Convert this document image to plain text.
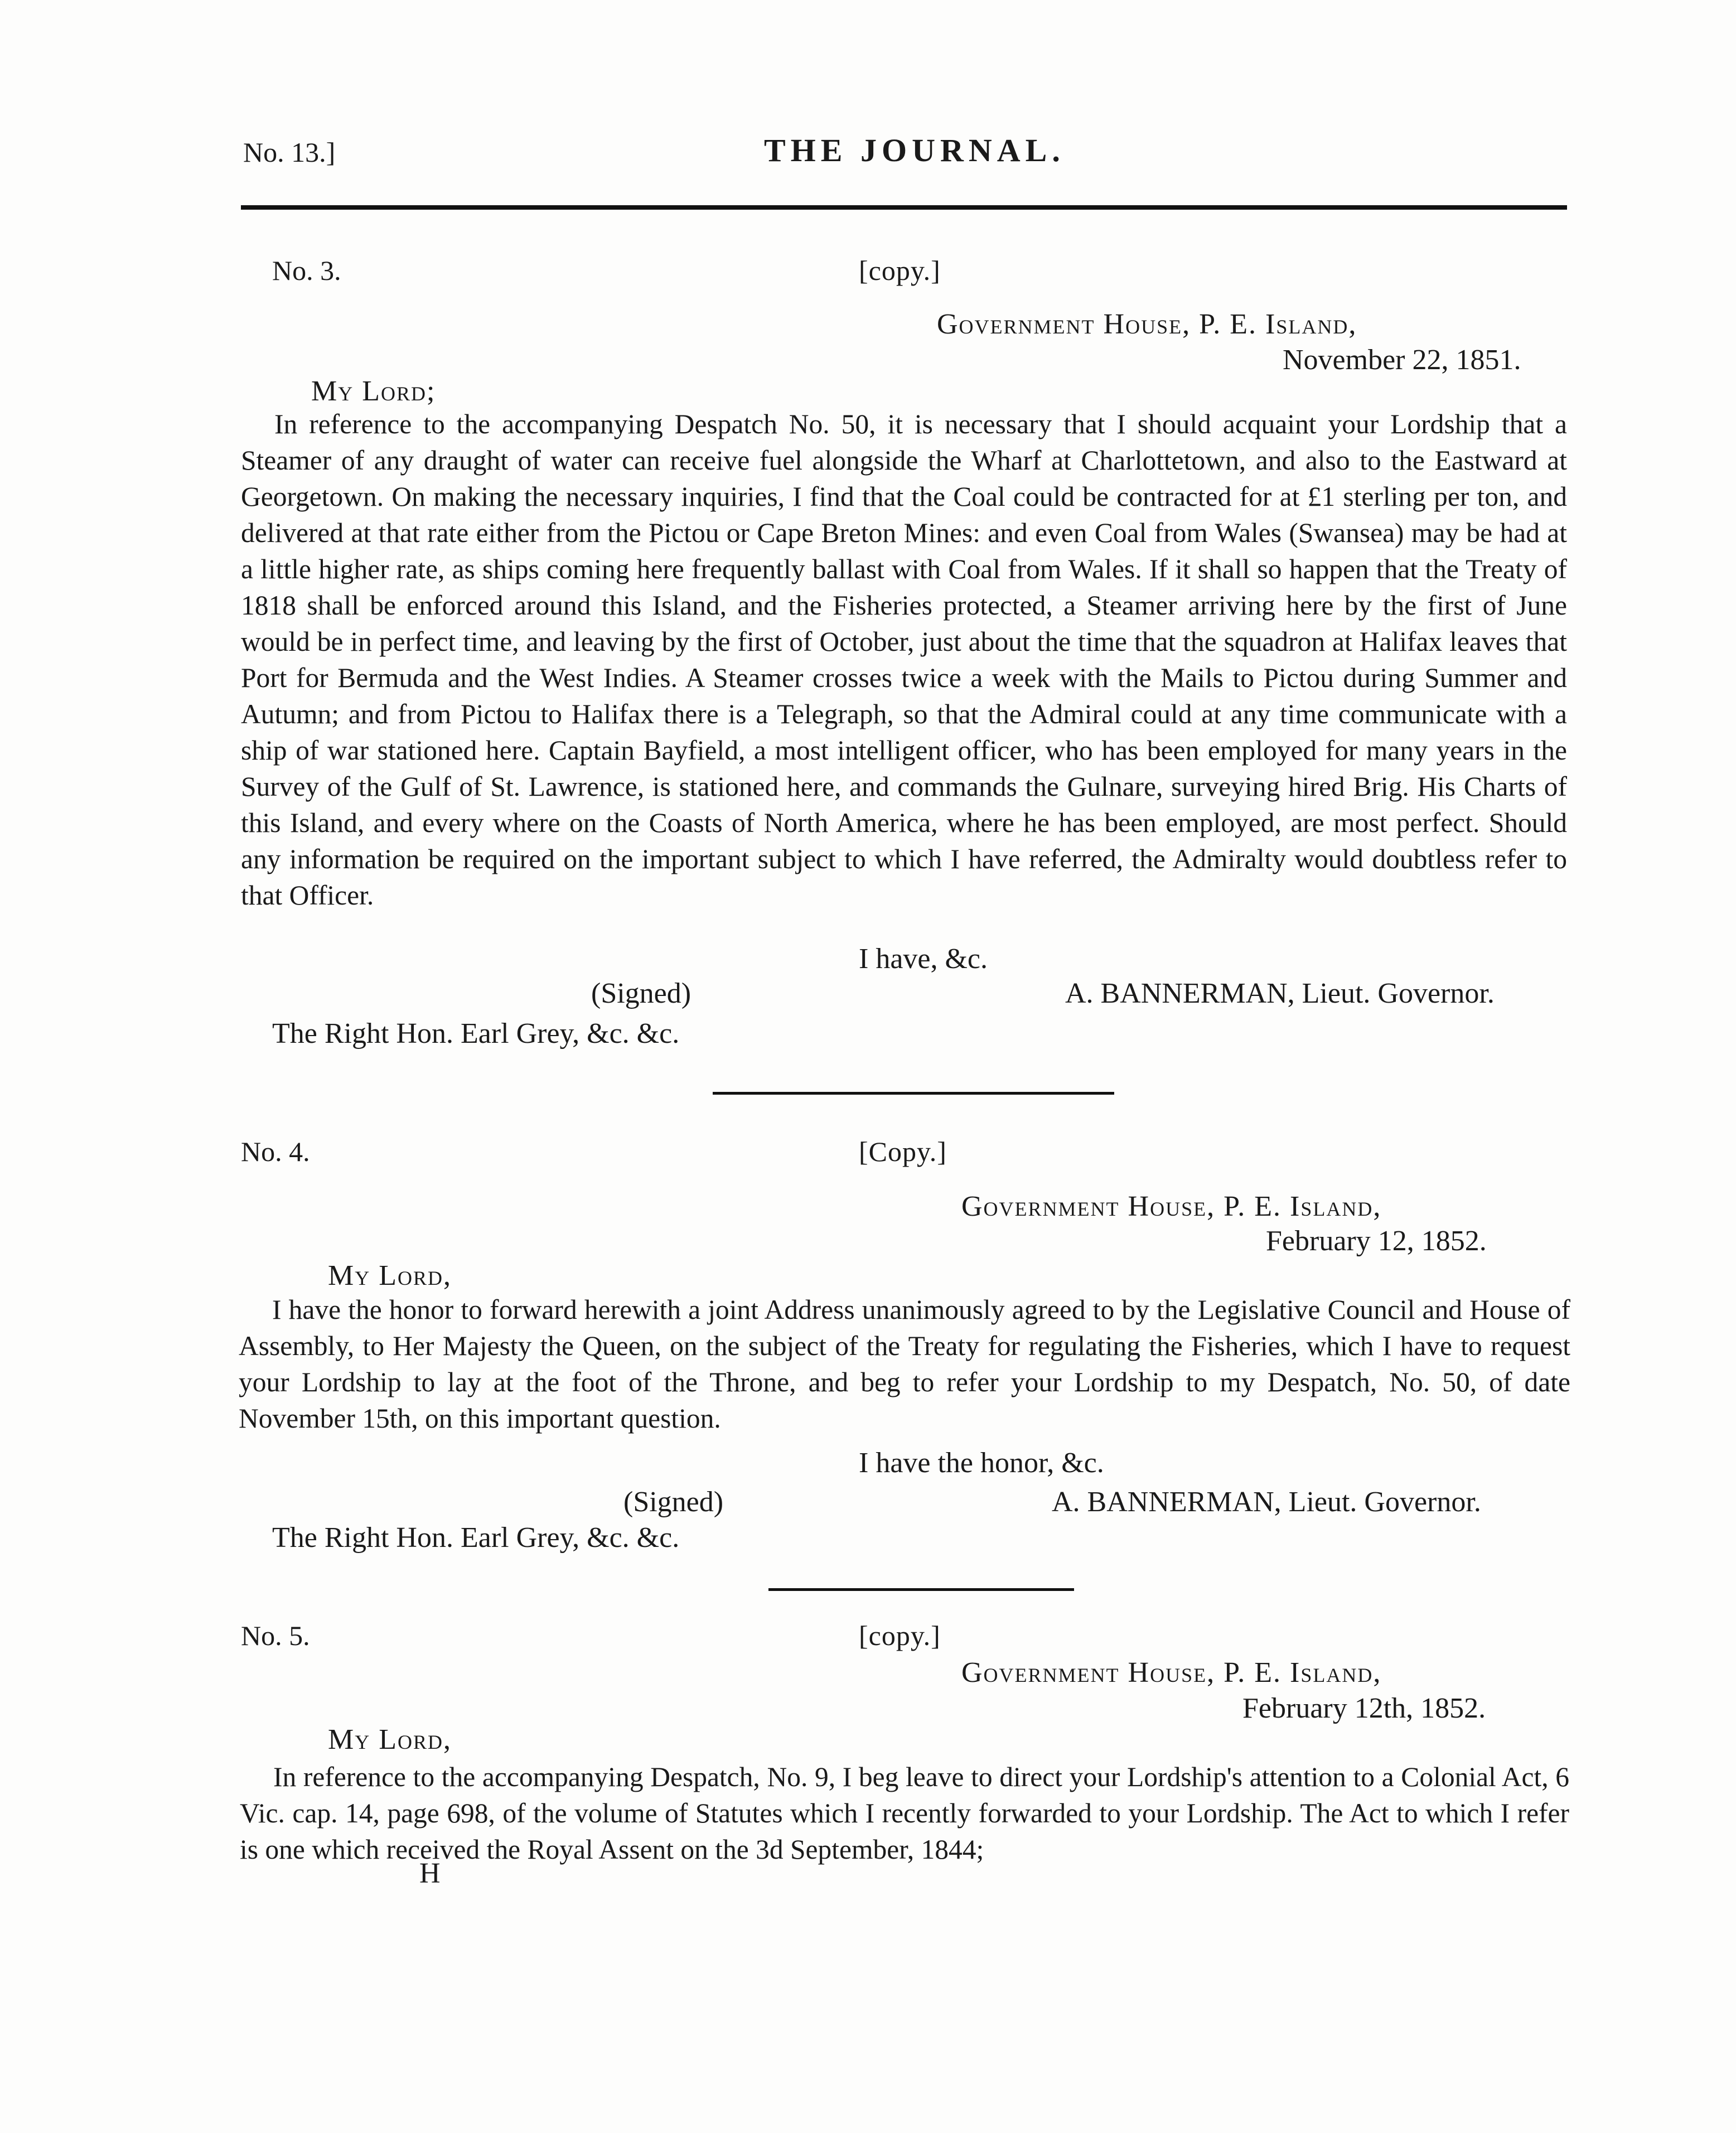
No. 13.]	THE JOURNAL.
No. 3.	[copy.]
Government House, P. E. Island,
November 22, 1851.
My Lord;
In reference to the accompanying Despatch No. 50, it is necessary that I should acquaint your Lordship that a Steamer of any draught of water can receive fuel alongside the Wharf at Charlottetown, and also to the Eastward at Georgetown. On making the necessary inquiries, I find that the Coal could be contracted for at £1 sterling per ton, and delivered at that rate either from the Pictou or Cape Breton Mines: and even Coal from Wales (Swansea) may be had at a little higher rate, as ships coming here frequently ballast with Coal from Wales. If it shall so happen that the Treaty of 1818 shall be enforced around this Island, and the Fisheries protected, a Steamer arriving here by the first of June would be in perfect time, and leaving by the first of October, just about the time that the squadron at Halifax leaves that Port for Bermuda and the West Indies. A Steamer crosses twice a week with the Mails to Pictou during Summer and Autumn; and from Pictou to Halifax there is a Telegraph, so that the Admiral could at any time communicate with a ship of war stationed here. Captain Bayfield, a most intelligent officer, who has been employed for many years in the Survey of the Gulf of St. Lawrence, is stationed here, and commands the Gulnare, surveying hired Brig. His Charts of this Island, and every where on the Coasts of North America, where he has been employed, are most perfect. Should any information be required on the important subject to which I have referred, the Admiralty would doubtless refer to that Officer.
I have, &c.
(Signed)	A. BANNERMAN, Lieut. Governor.
The Right Hon. Earl Grey, &c. &c.
No. 4.	[Copy.]
Government House, P. E. Island,
February 12, 1852.
My Lord,
I have the honor to forward herewith a joint Address unanimously agreed to by the Legislative Council and House of Assembly, to Her Majesty the Queen, on the subject of the Treaty for regulating the Fisheries, which I have to request your Lordship to lay at the foot of the Throne, and beg to refer your Lordship to my Despatch, No. 50, of date November 15th, on this important question.
I have the honor, &c.
(Signed)	A. BANNERMAN, Lieut. Governor.
The Right Hon. Earl Grey, &c. &c.
No. 5.	[copy.]
Government House, P. E. Island,
February 12th, 1852.
My Lord,
In reference to the accompanying Despatch, No. 9, I beg leave to direct your Lordship's attention to a Colonial Act, 6 Vic. cap. 14, page 698, of the volume of Statutes which I recently forwarded to your Lordship. The Act to which I refer is one which received the Royal Assent on the 3d September, 1844;
H
